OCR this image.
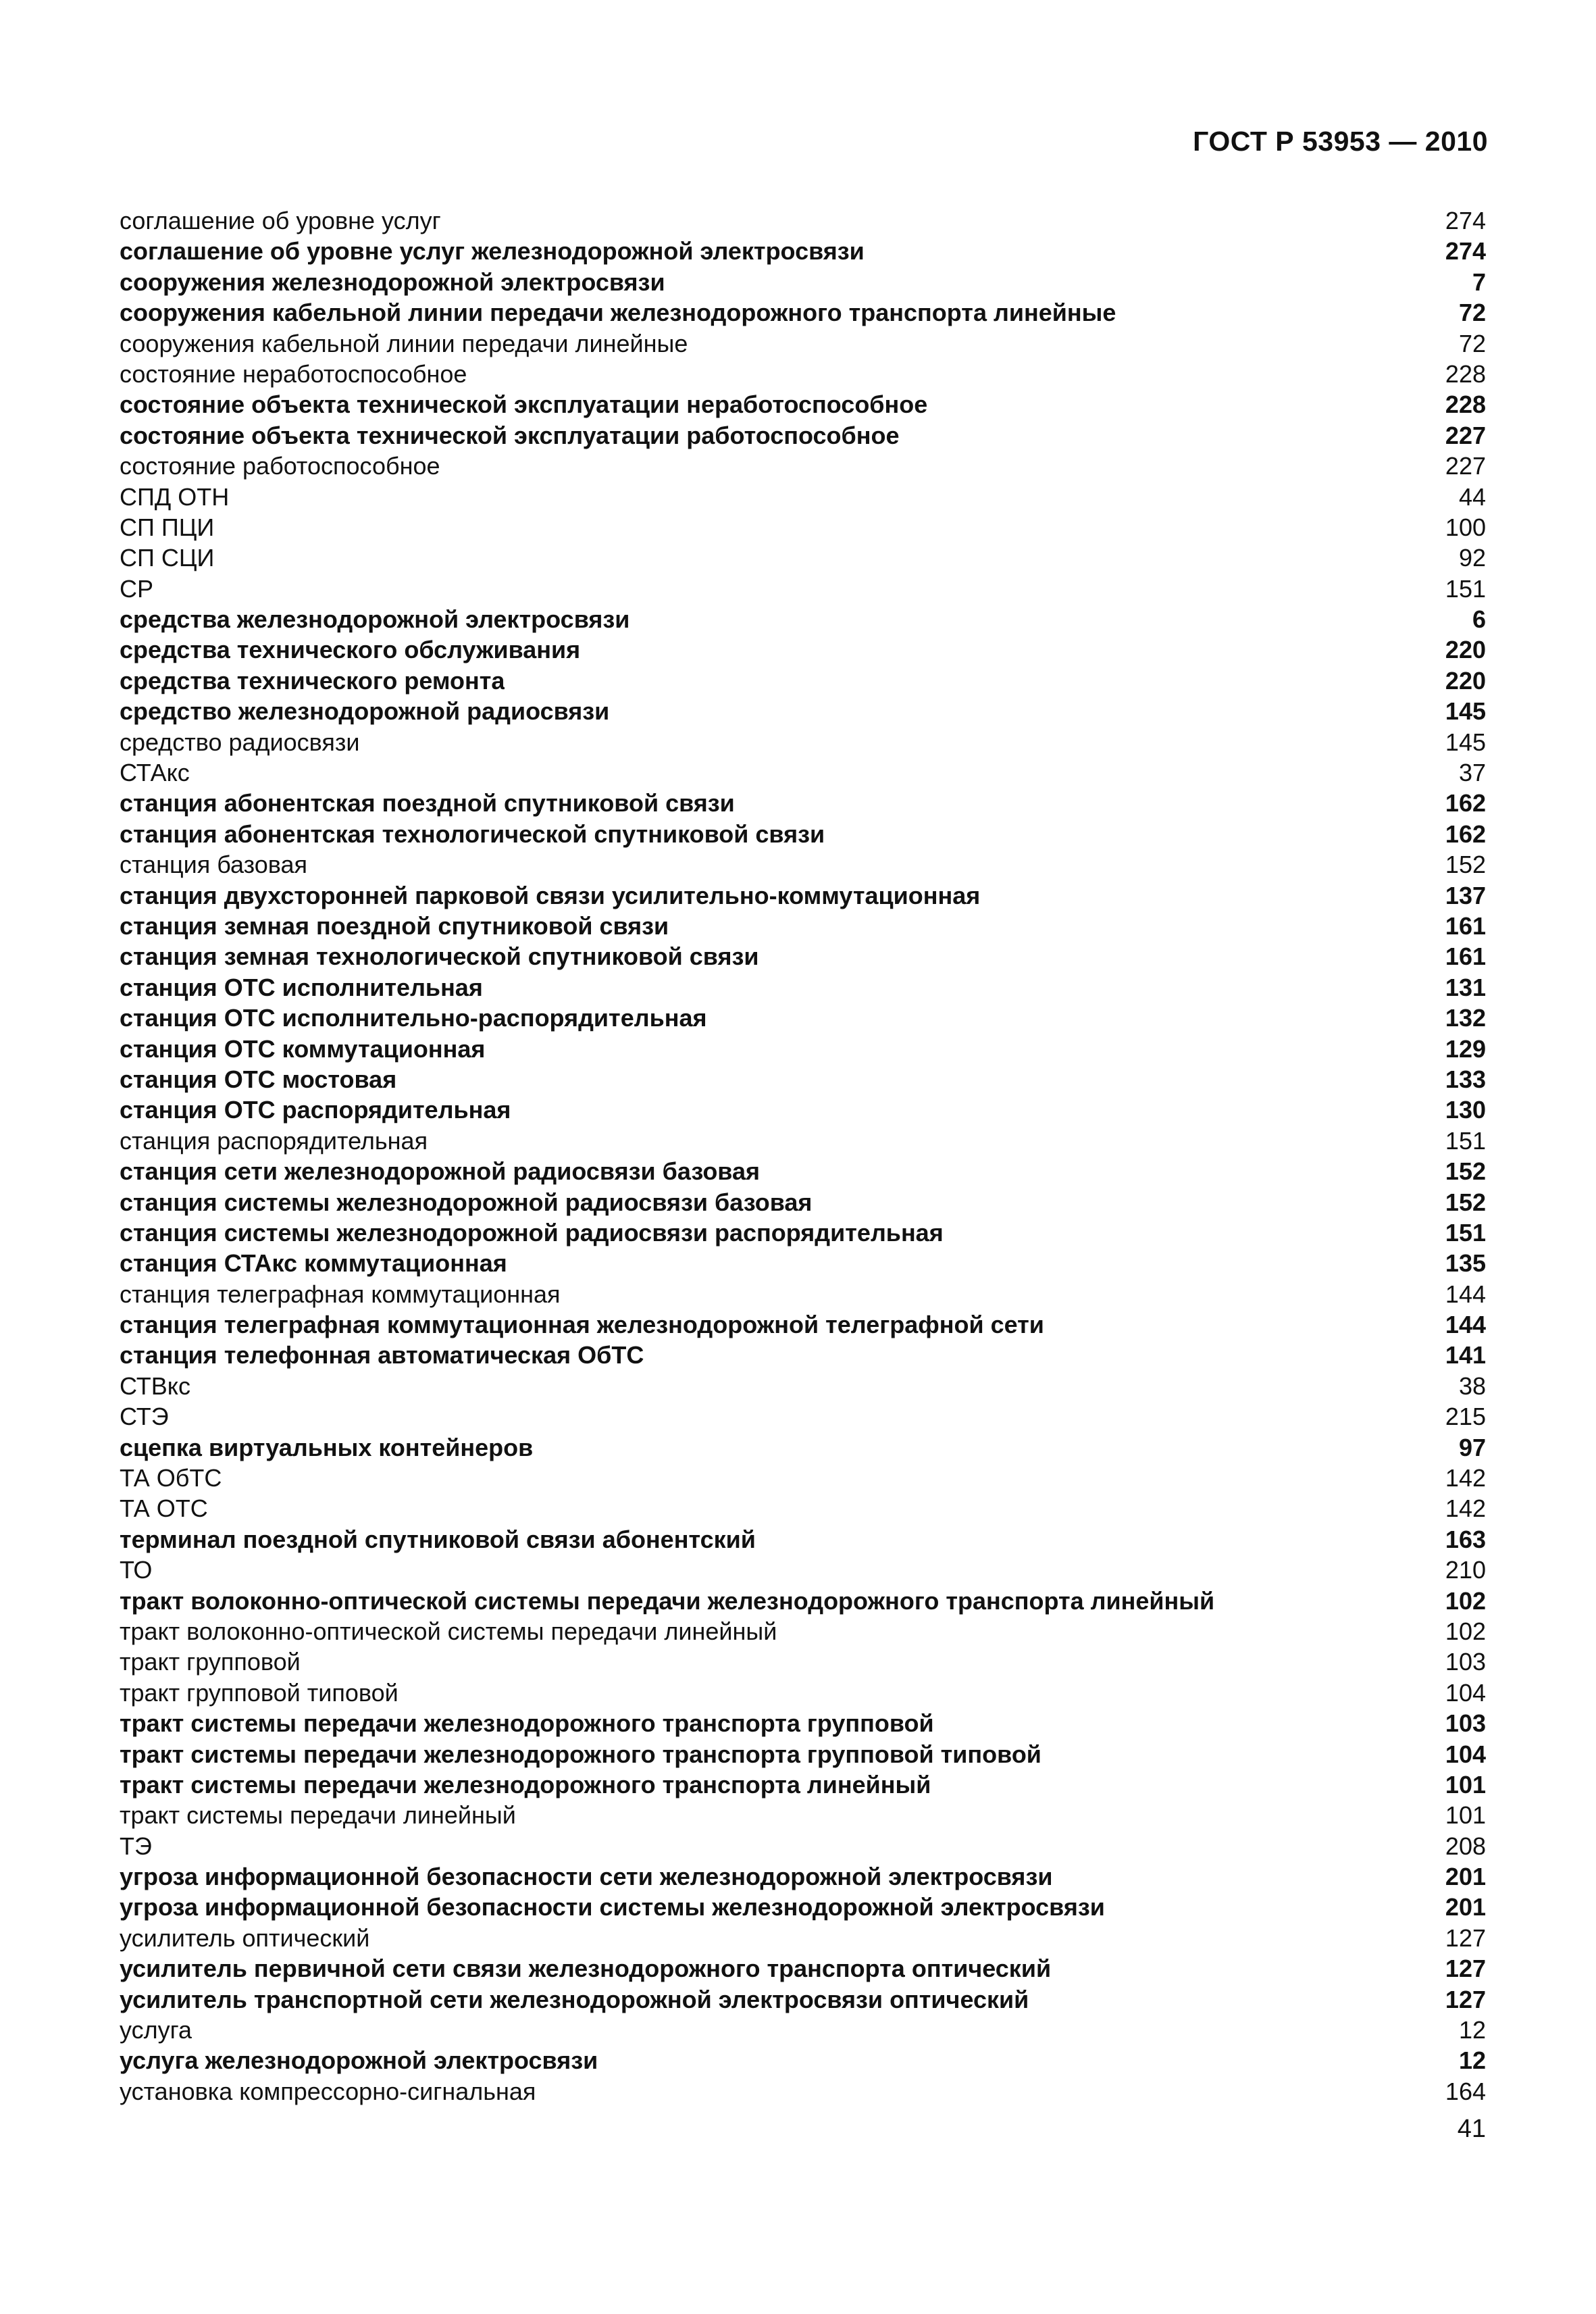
ГОСТ Р 53953 — 2010
соглашение об уровне услуг	274
соглашение об уровне услуг железнодорожной электросвязи	274
сооружения железнодорожной электросвязи	7
сооружения кабельной линии передачи железнодорожного транспорта линейные	72
сооружения кабельной линии передачи линейные	72
состояние неработоспособное	228
состояние объекта технической эксплуатации неработоспособное	228
состояние объекта технической эксплуатации работоспособное	227
состояние работоспособное	227
СПД ОТН	44
СП ПЦИ	100
СП СЦИ	92
СР	151
средства железнодорожной электросвязи	6
средства технического обслуживания	220
средства технического ремонта	220
средство железнодорожной радиосвязи	145
средство радиосвязи	145
СТАкс	37
станция абонентская поездной спутниковой связи	162
станция абонентская технологической спутниковой связи	162
станция базовая	152
станция двухсторонней парковой связи усилительно-коммутационная	137
станция земная поездной спутниковой связи	161
станция земная технологической спутниковой связи	161
станция ОТС исполнительная	131
станция ОТС исполнительно-распорядительная	132
станция ОТС коммутационная	129
станция ОТС мостовая	133
станция ОТС распорядительная	130
станция распорядительная	151
станция сети железнодорожной радиосвязи базовая	152
станция системы железнодорожной радиосвязи базовая	152
станция системы железнодорожной радиосвязи распорядительная	151
станция СТАкс коммутационная	135
станция телеграфная коммутационная	144
станция телеграфная коммутационная железнодорожной телеграфной сети	144
станция телефонная автоматическая ОбТС	141
СТВкс	38
СТЭ	215
сцепка виртуальных контейнеров	97
ТА ОбТС	142
ТА ОТС	142
терминал поездной спутниковой связи абонентский	163
ТО	210
тракт волоконно-оптической системы передачи железнодорожного транспорта линейный	102
тракт волоконно-оптической системы передачи линейный	102
тракт групповой	103
тракт групповой типовой	104
тракт системы передачи железнодорожного транспорта групповой	103
тракт системы передачи железнодорожного транспорта групповой типовой	104
тракт системы передачи железнодорожного транспорта линейный	101
тракт системы передачи линейный	101
ТЭ	208
угроза информационной безопасности сети железнодорожной электросвязи	201
угроза информационной безопасности системы железнодорожной электросвязи	201
усилитель оптический	127
усилитель первичной сети связи железнодорожного транспорта оптический	127
усилитель транспортной сети железнодорожной электросвязи оптический	127
услуга	12
услуга железнодорожной электросвязи	12
установка компрессорно-сигнальная	164
41
